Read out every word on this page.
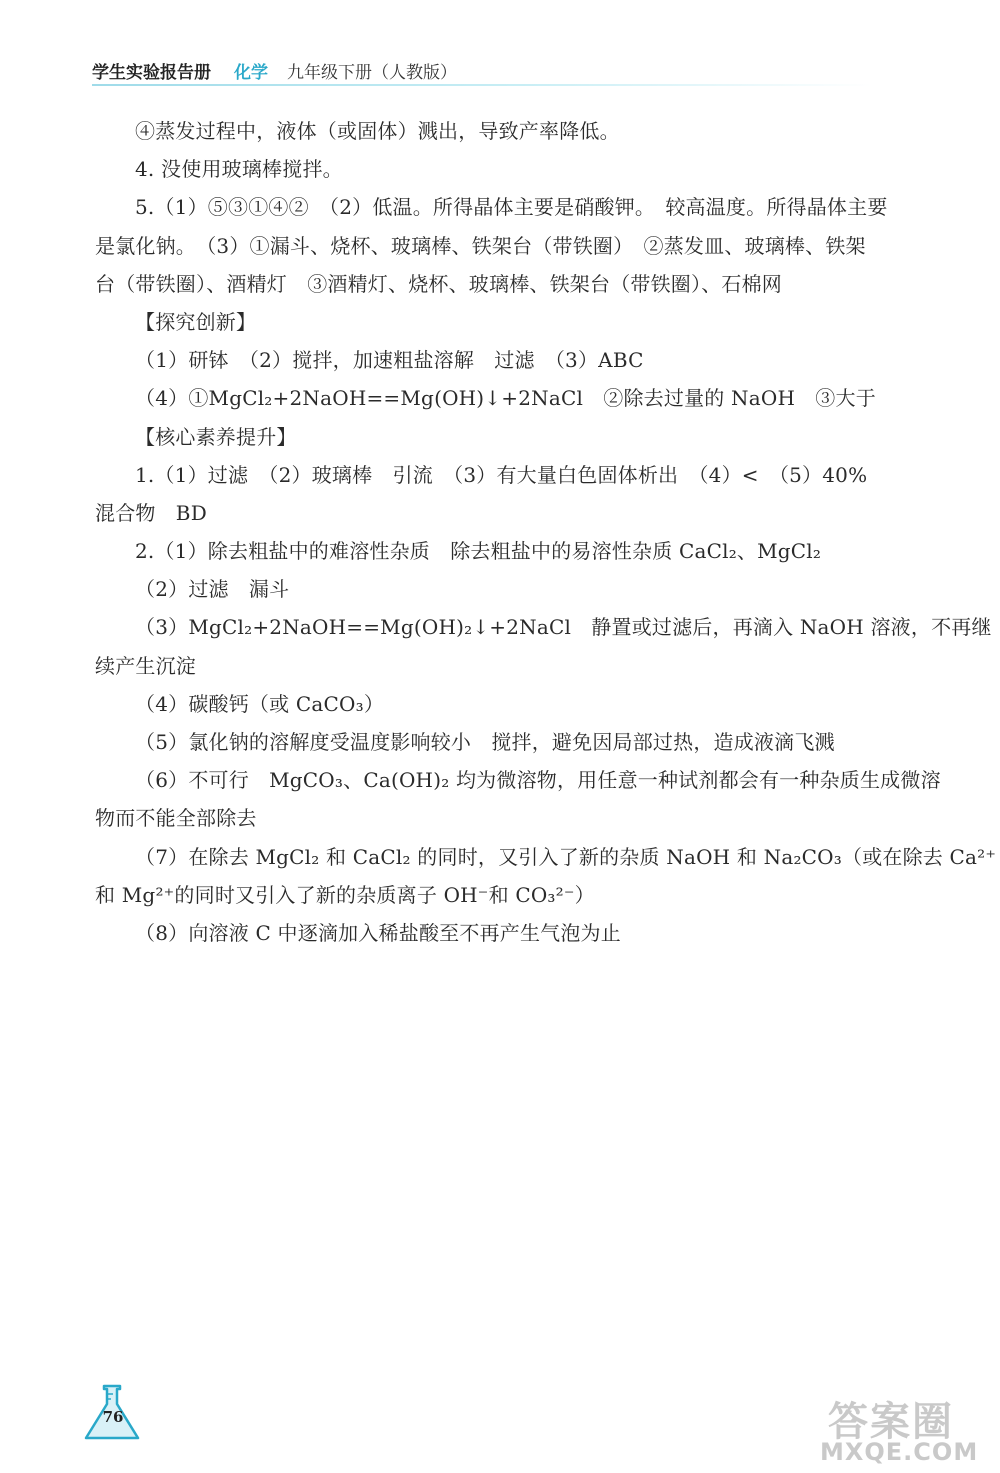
学生实验报告册 化学 九年级下册（人教版）
④蒸发过程中，液体（或固体）溅出，导致产率降低。
4. 没使用玻璃棒搅拌。
5.（1）⑤③①④②　（2）低温。所得晶体主要是硝酸钾。　较高温度。所得晶体主要
是氯化钠。　（3）①漏斗、烧杯、玻璃棒、铁架台（带铁圈）　②蒸发皿、玻璃棒、铁架
台（带铁圈）、酒精灯　③酒精灯、烧杯、玻璃棒、铁架台（带铁圈）、石棉网
【探究创新】
（1）研钵　（2）搅拌，加速粗盐溶解　过滤　（3）ABC
（4）①MgCl₂+2NaOH==Mg(OH)↓+2NaCl　②除去过量的 NaOH　③大于
【核心素养提升】
1.（1）过滤　（2）玻璃棒　引流　（3）有大量白色固体析出　（4）<　（5）40%
混合物　BD
2.（1）除去粗盐中的难溶性杂质　除去粗盐中的易溶性杂质 CaCl₂、MgCl₂
（2）过滤　漏斗
（3）MgCl₂+2NaOH==Mg(OH)₂↓+2NaCl　静置或过滤后，再滴入 NaOH 溶液，不再继
续产生沉淀
（4）碳酸钙（或 CaCO₃）
（5）氯化钠的溶解度受温度影响较小　搅拌，避免因局部过热，造成液滴飞溅
（6）不可行　MgCO₃、Ca(OH)₂ 均为微溶物，用任意一种试剂都会有一种杂质生成微溶
物而不能全部除去
（7）在除去 MgCl₂ 和 CaCl₂ 的同时，又引入了新的杂质 NaOH 和 Na₂CO₃（或在除去 Ca²⁺
和 Mg²⁺的同时又引入了新的杂质离子 OH⁻和 CO₃²⁻）
（8）向溶液 C 中逐滴加入稀盐酸至不再产生气泡为止
76	答案圈
MXQE.COM
